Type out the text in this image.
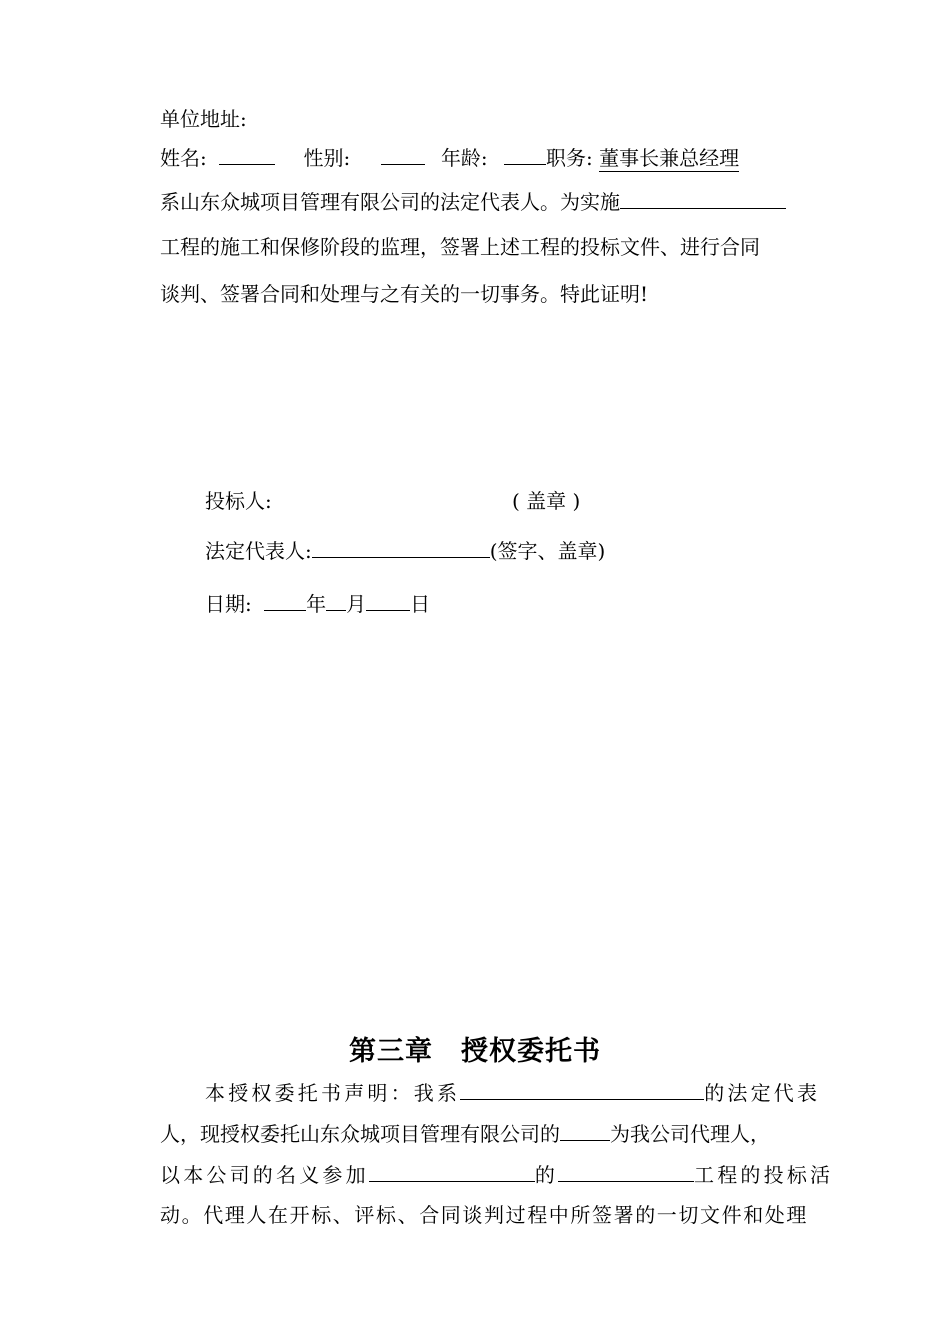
单位地址:
姓名:	性别:	年龄:	职务: 董事长兼总经理
系山东众城项目管理有限公司的法定代表人。为实施
工程的施工和保修阶段的监理，签署上述工程的投标文件、进行合同
谈判、签署合同和处理与之有关的一切事务。特此证明!
投标人:	( 盖章 )
法定代表人:	(签字、盖章)
日期:	年 月 日
第三章　授权委托书
本授权委托书声明：我系	的法定代表
人，现授权委托山东众城项目管理有限公司的	为我公司代理人，
以本公司的名义参加	的	工程的投标活
动。代理人在开标、评标、合同谈判过程中所签署的一切文件和处理
